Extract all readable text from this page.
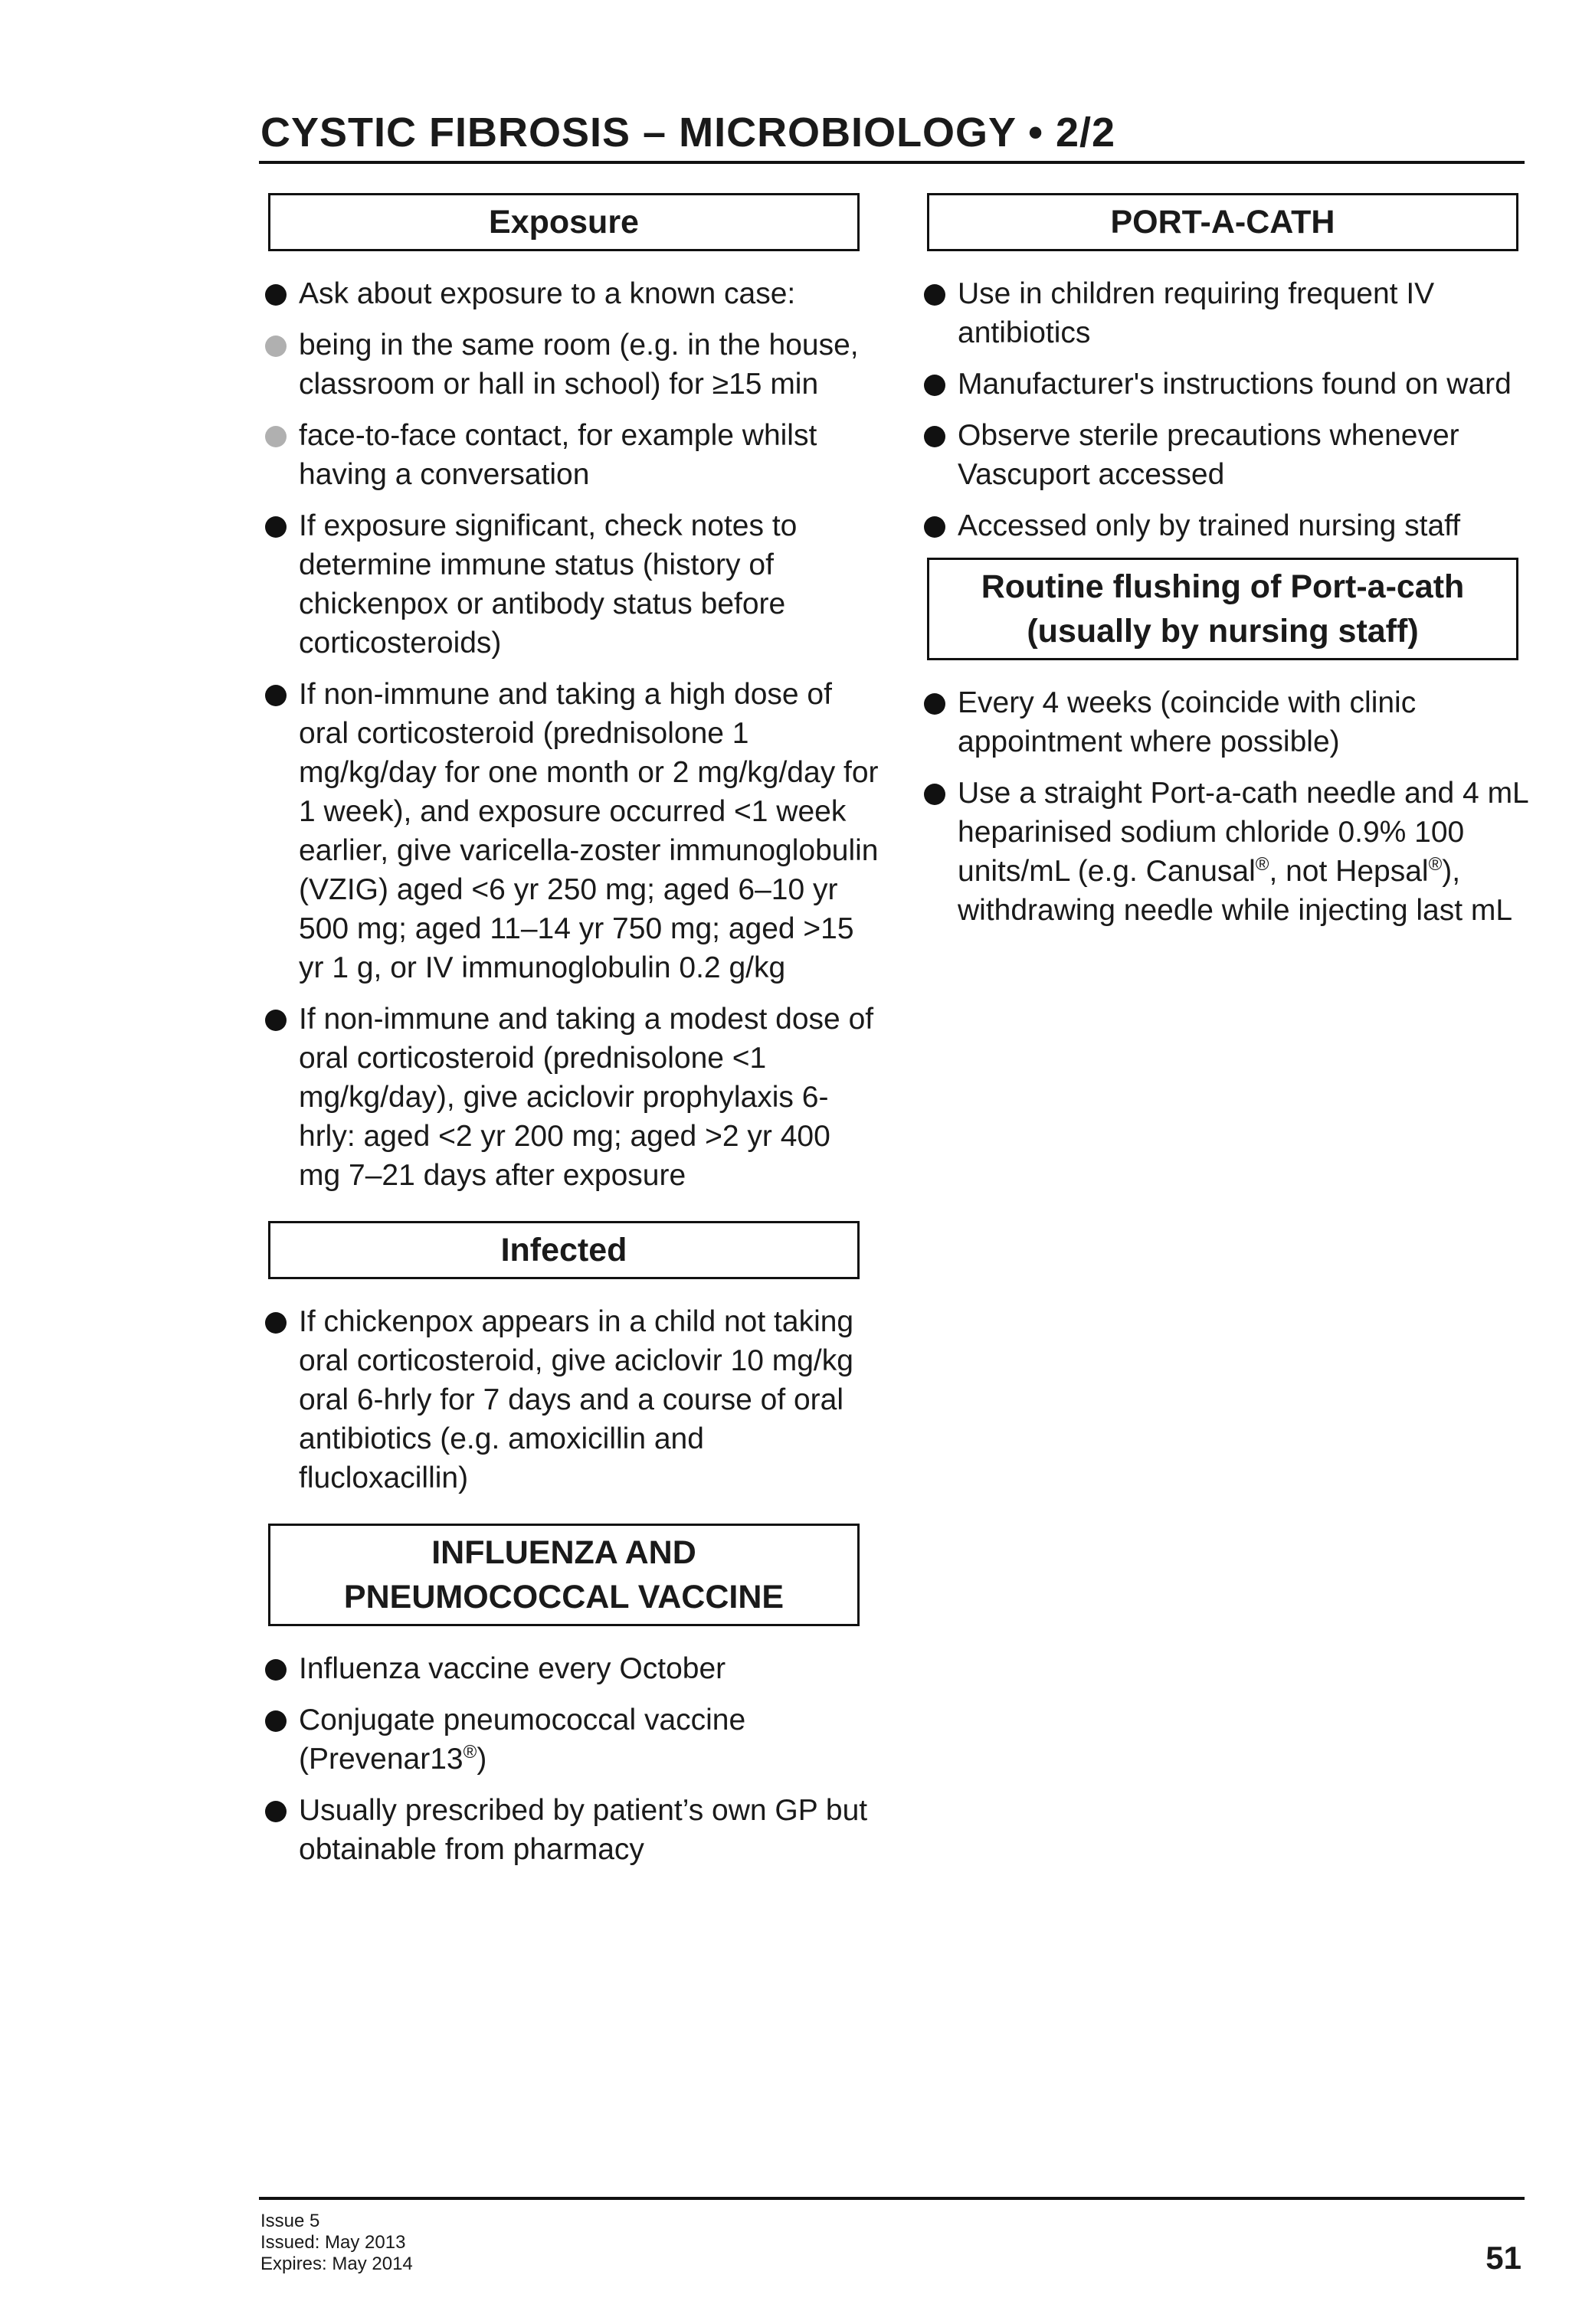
CYSTIC FIBROSIS – MICROBIOLOGY • 2/2
Exposure
Ask about exposure to a known case:
being in the same room (e.g. in the house, classroom or hall in school) for ≥15 min
face-to-face contact, for example whilst having a conversation
If exposure significant, check notes to determine immune status (history of chickenpox or antibody status before corticosteroids)
If non-immune and taking a high dose of oral corticosteroid (prednisolone 1 mg/kg/day for one month or 2 mg/kg/day for 1 week), and exposure occurred <1 week earlier, give varicella-zoster immunoglobulin (VZIG) aged <6 yr 250 mg; aged 6–10 yr 500 mg; aged 11–14 yr 750 mg; aged >15 yr 1 g, or IV immunoglobulin 0.2 g/kg
If non-immune and taking a modest dose of oral corticosteroid (prednisolone <1 mg/kg/day), give aciclovir prophylaxis 6-hrly: aged <2 yr 200 mg; aged >2 yr 400 mg 7–21 days after exposure
Infected
If chickenpox appears in a child not taking oral corticosteroid, give aciclovir 10 mg/kg oral 6-hrly for 7 days and a course of oral antibiotics (e.g. amoxicillin and flucloxacillin)
INFLUENZA AND
PNEUMOCOCCAL VACCINE
Influenza vaccine every October
Conjugate pneumococcal vaccine (Prevenar13®)
Usually prescribed by patient’s own GP but obtainable from pharmacy
PORT-A-CATH
Use in children requiring frequent IV antibiotics
Manufacturer's instructions found on ward
Observe sterile precautions whenever Vascuport accessed
Accessed only by trained nursing staff
Routine flushing of Port-a-cath
(usually by nursing staff)
Every 4 weeks (coincide with clinic appointment where possible)
Use a straight Port-a-cath needle and 4 mL heparinised sodium chloride 0.9% 100 units/mL (e.g. Canusal®, not Hepsal®), withdrawing needle while injecting last mL
Issue 5
Issued: May 2013
Expires: May 2014	51
